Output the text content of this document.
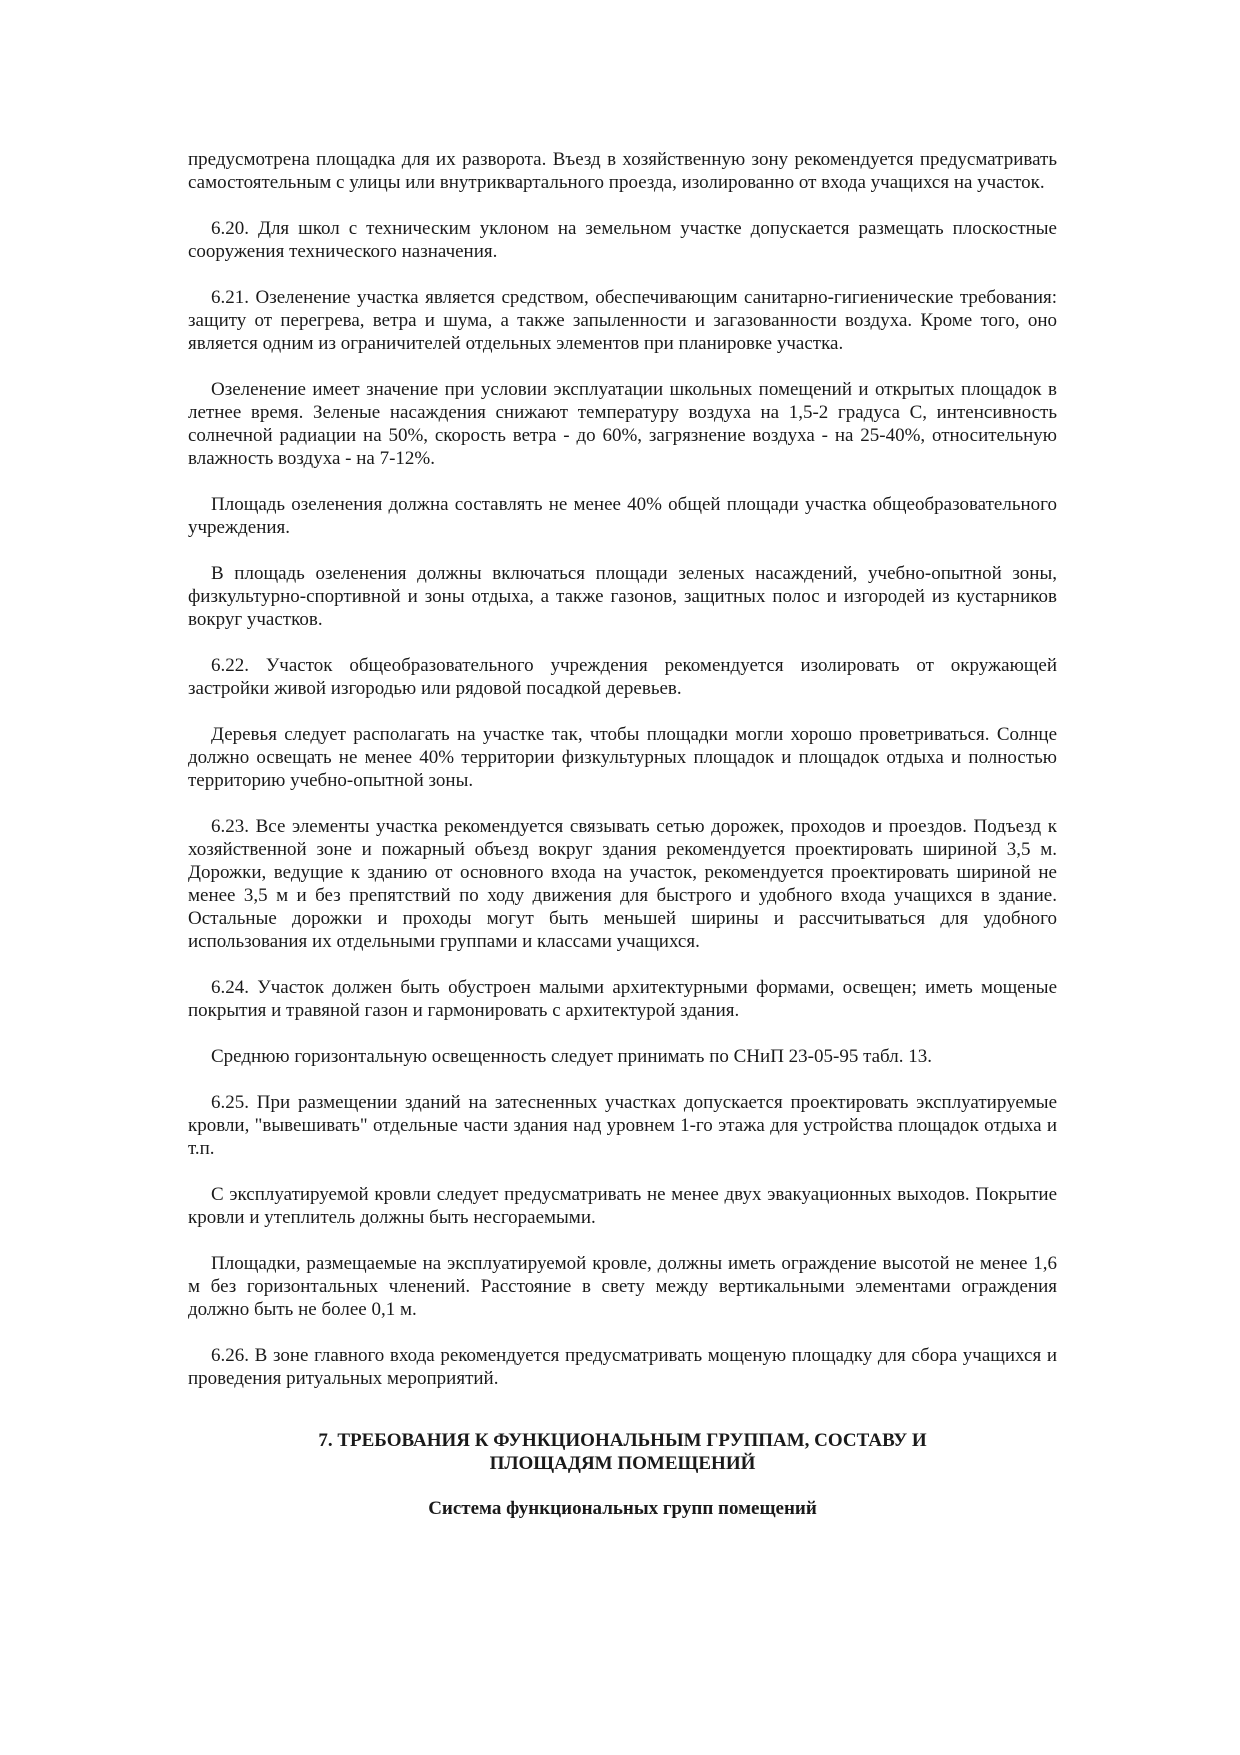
предусмотрена площадка для их разворота. Въезд в хозяйственную зону рекомендуется предусматривать самостоятельным с улицы или внутриквартального проезда, изолированно от входа учащихся на участок.

6.20. Для школ с техническим уклоном на земельном участке допускается размещать плоскостные сооружения технического назначения.

6.21. Озеленение участка является средством, обеспечивающим санитарно-гигиенические требования: защиту от перегрева, ветра и шума, а также запыленности и загазованности воздуха. Кроме того, оно является одним из ограничителей отдельных элементов при планировке участка.

Озеленение имеет значение при условии эксплуатации школьных помещений и открытых площадок в летнее время. Зеленые насаждения снижают температуру воздуха на 1,5-2 градуса С, интенсивность солнечной радиации на 50%, скорость ветра - до 60%, загрязнение воздуха - на 25-40%, относительную влажность воздуха - на 7-12%.

Площадь озеленения должна составлять не менее 40% общей площади участка общеобразовательного учреждения.

В площадь озеленения должны включаться площади зеленых насаждений, учебно-опытной зоны, физкультурно-спортивной и зоны отдыха, а также газонов, защитных полос и изгородей из кустарников вокруг участков.

6.22. Участок общеобразовательного учреждения рекомендуется изолировать от окружающей застройки живой изгородью или рядовой посадкой деревьев.

Деревья следует располагать на участке так, чтобы площадки могли хорошо проветриваться. Солнце должно освещать не менее 40% территории физкультурных площадок и площадок отдыха и полностью территорию учебно-опытной зоны.

6.23. Все элементы участка рекомендуется связывать сетью дорожек, проходов и проездов. Подъезд к хозяйственной зоне и пожарный объезд вокруг здания рекомендуется проектировать шириной 3,5 м. Дорожки, ведущие к зданию от основного входа на участок, рекомендуется проектировать шириной не менее 3,5 м и без препятствий по ходу движения для быстрого и удобного входа учащихся в здание. Остальные дорожки и проходы могут быть меньшей ширины и рассчитываться для удобного использования их отдельными группами и классами учащихся.

6.24. Участок должен быть обустроен малыми архитектурными формами, освещен; иметь мощеные покрытия и травяной газон и гармонировать с архитектурой здания.

Среднюю горизонтальную освещенность следует принимать по СНиП 23-05-95 табл. 13.

6.25. При размещении зданий на затесненных участках допускается проектировать эксплуатируемые кровли, "вывешивать" отдельные части здания над уровнем 1-го этажа для устройства площадок отдыха и т.п.

С эксплуатируемой кровли следует предусматривать не менее двух эвакуационных выходов. Покрытие кровли и утеплитель должны быть несгораемыми.

Площадки, размещаемые на эксплуатируемой кровле, должны иметь ограждение высотой не менее 1,6 м без горизонтальных членений. Расстояние в свету между вертикальными элементами ограждения должно быть не более 0,1 м.

6.26. В зоне главного входа рекомендуется предусматривать мощеную площадку для сбора учащихся и проведения ритуальных мероприятий.

7. ТРЕБОВАНИЯ К ФУНКЦИОНАЛЬНЫМ ГРУППАМ, СОСТАВУ И
ПЛОЩАДЯМ ПОМЕЩЕНИЙ
Система функциональных групп помещений
